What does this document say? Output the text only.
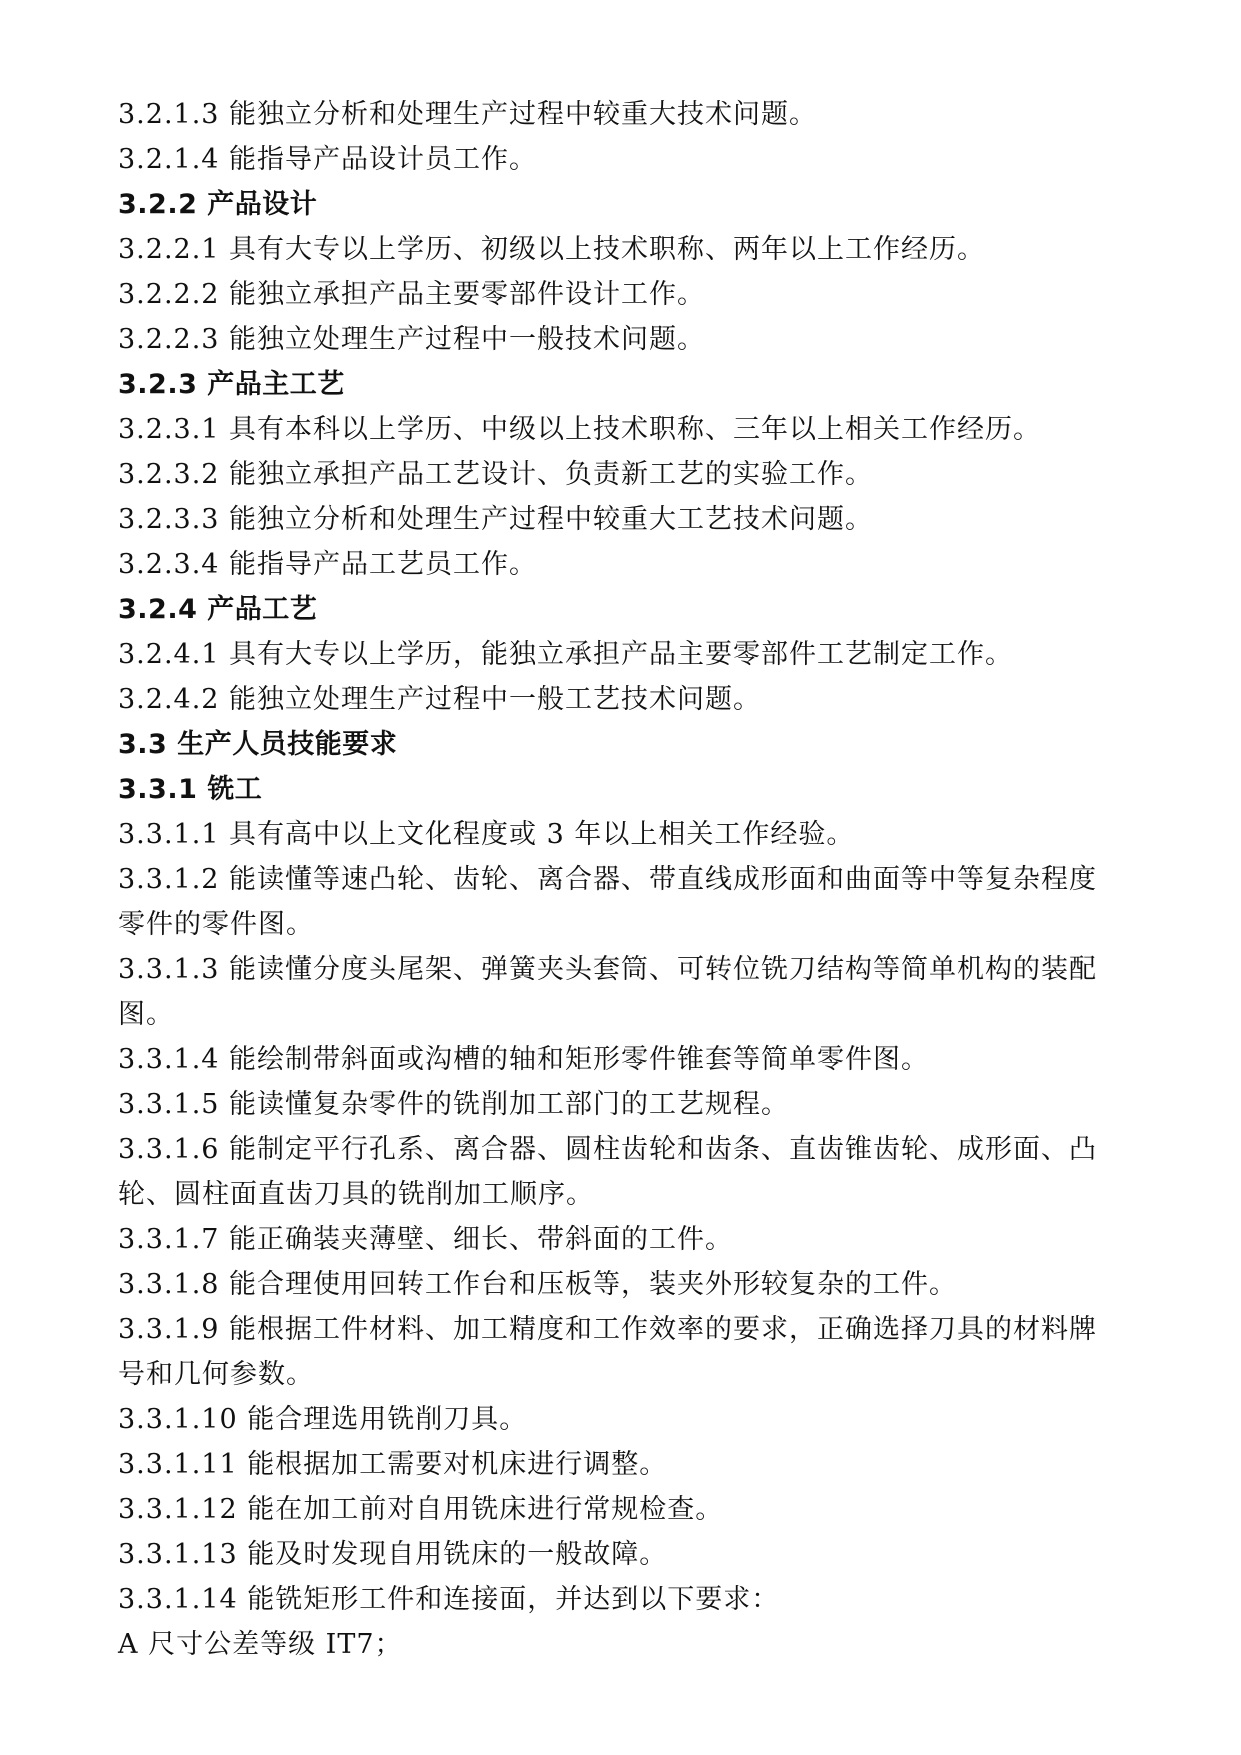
3.2.1.3 能独立分析和处理生产过程中较重大技术问题。
3.2.1.4 能指导产品设计员工作。
3.2.2 产品设计
3.2.2.1 具有大专以上学历、初级以上技术职称、两年以上工作经历。
3.2.2.2 能独立承担产品主要零部件设计工作。
3.2.2.3 能独立处理生产过程中一般技术问题。
3.2.3 产品主工艺
3.2.3.1 具有本科以上学历、中级以上技术职称、三年以上相关工作经历。
3.2.3.2 能独立承担产品工艺设计、负责新工艺的实验工作。
3.2.3.3 能独立分析和处理生产过程中较重大工艺技术问题。
3.2.3.4 能指导产品工艺员工作。
3.2.4 产品工艺
3.2.4.1 具有大专以上学历，能独立承担产品主要零部件工艺制定工作。
3.2.4.2 能独立处理生产过程中一般工艺技术问题。
3.3 生产人员技能要求
3.3.1 铣工
3.3.1.1 具有高中以上文化程度或 3 年以上相关工作经验。
3.3.1.2 能读懂等速凸轮、齿轮、离合器、带直线成形面和曲面等中等复杂程度
零件的零件图。
3.3.1.3 能读懂分度头尾架、弹簧夹头套筒、可转位铣刀结构等简单机构的装配
图。
3.3.1.4 能绘制带斜面或沟槽的轴和矩形零件锥套等简单零件图。
3.3.1.5 能读懂复杂零件的铣削加工部门的工艺规程。
3.3.1.6 能制定平行孔系、离合器、圆柱齿轮和齿条、直齿锥齿轮、成形面、凸
轮、圆柱面直齿刀具的铣削加工顺序。
3.3.1.7 能正确装夹薄壁、细长、带斜面的工件。
3.3.1.8 能合理使用回转工作台和压板等，装夹外形较复杂的工件。
3.3.1.9 能根据工件材料、加工精度和工作效率的要求，正确选择刀具的材料牌
号和几何参数。
3.3.1.10 能合理选用铣削刀具。
3.3.1.11 能根据加工需要对机床进行调整。
3.3.1.12 能在加工前对自用铣床进行常规检查。
3.3.1.13 能及时发现自用铣床的一般故障。
3.3.1.14 能铣矩形工件和连接面，并达到以下要求：
A 尺寸公差等级 IT7；
